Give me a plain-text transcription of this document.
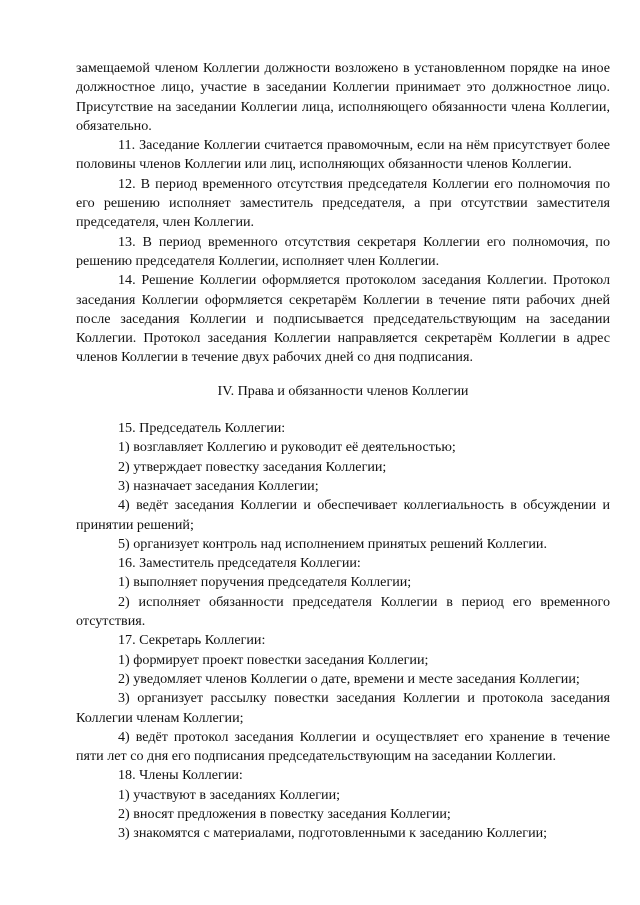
замещаемой членом Коллегии должности возложено в установленном порядке на иное должностное лицо, участие в заседании Коллегии принимает это должностное лицо. Присутствие на заседании Коллегии лица, исполняющего обязанности члена Коллегии, обязательно.

11. Заседание Коллегии считается правомочным, если на нём присутствует более половины членов Коллегии или лиц, исполняющих обязанности членов Коллегии.

12. В период временного отсутствия председателя Коллегии его полномочия по его решению исполняет заместитель председателя, а при отсутствии заместителя председателя, член Коллегии.

13. В период временного отсутствия секретаря Коллегии его полномочия, по решению председателя Коллегии, исполняет член Коллегии.

14. Решение Коллегии оформляется протоколом заседания Коллегии. Протокол заседания Коллегии оформляется секретарём Коллегии в течение пяти рабочих дней после заседания Коллегии и подписывается председательствующим на заседании Коллегии. Протокол заседания Коллегии направляется секретарём Коллегии в адрес членов Коллегии в течение двух рабочих дней со дня подписания.

IV. Права и обязанности членов Коллегии

15. Председатель Коллегии:

1) возглавляет Коллегию и руководит её деятельностью;

2) утверждает повестку заседания Коллегии;

3) назначает заседания Коллегии;

4) ведёт заседания Коллегии и обеспечивает коллегиальность в обсуждении и принятии решений;

5) организует контроль над исполнением принятых решений Коллегии.

16. Заместитель председателя Коллегии:

1) выполняет поручения председателя Коллегии;

2) исполняет обязанности председателя Коллегии в период его временного отсутствия.

17. Секретарь Коллегии:

1) формирует проект повестки заседания Коллегии;

2) уведомляет членов Коллегии о дате, времени и месте заседания Коллегии;

3) организует рассылку повестки заседания Коллегии и протокола заседания Коллегии членам Коллегии;

4) ведёт протокол заседания Коллегии и осуществляет его хранение в течение пяти лет со дня его подписания председательствующим на заседании Коллегии.

18. Члены Коллегии:

1) участвуют в заседаниях Коллегии;

2) вносят предложения в повестку заседания Коллегии;

3) знакомятся с материалами, подготовленными к заседанию Коллегии;
